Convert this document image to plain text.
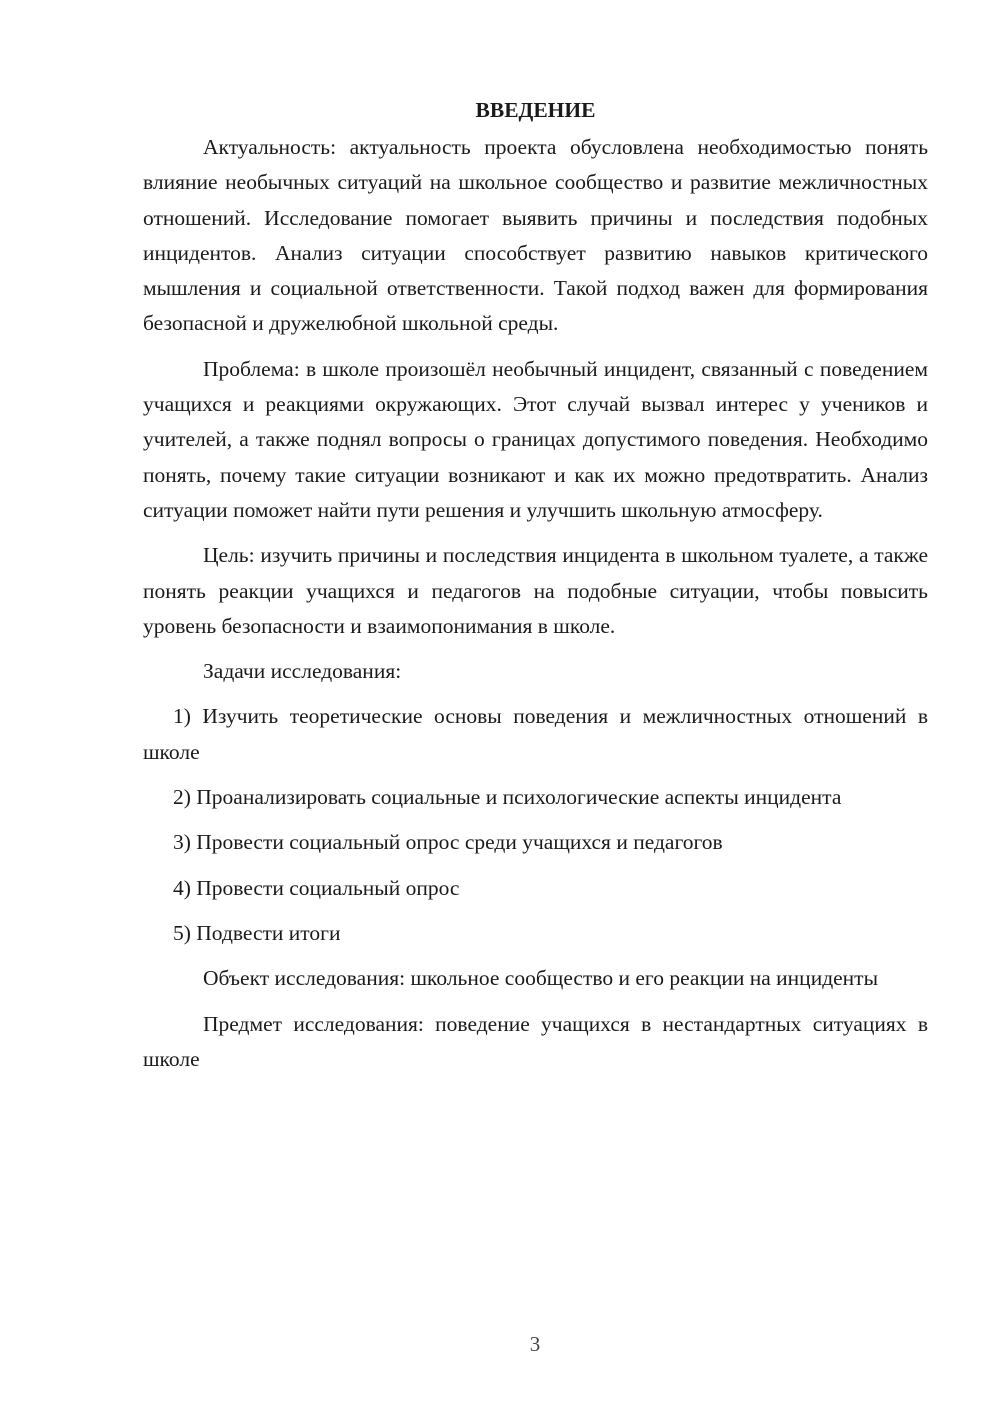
ВВЕДЕНИЕ

Актуальность: актуальность проекта обусловлена необходимостью понять влияние необычных ситуаций на школьное сообщество и развитие межличностных отношений. Исследование помогает выявить причины и последствия подобных инцидентов. Анализ ситуации способствует развитию навыков критического мышления и социальной ответственности. Такой подход важен для формирования безопасной и дружелюбной школьной среды.

Проблема: в школе произошёл необычный инцидент, связанный с поведением учащихся и реакциями окружающих. Этот случай вызвал интерес у учеников и учителей, а также поднял вопросы о границах допустимого поведения. Необходимо понять, почему такие ситуации возникают и как их можно предотвратить. Анализ ситуации поможет найти пути решения и улучшить школьную атмосферу.

Цель: изучить причины и последствия инцидента в школьном туалете, а также понять реакции учащихся и педагогов на подобные ситуации, чтобы повысить уровень безопасности и взаимопонимания в школе.

Задачи исследования:

1) Изучить теоретические основы поведения и межличностных отношений в школе

2) Проанализировать социальные и психологические аспекты инцидента

3) Провести социальный опрос среди учащихся и педагогов

4) Провести социальный опрос

5) Подвести итоги

Объект исследования: школьное сообщество и его реакции на инциденты

Предмет исследования: поведение учащихся в нестандартных ситуациях в школе

3
